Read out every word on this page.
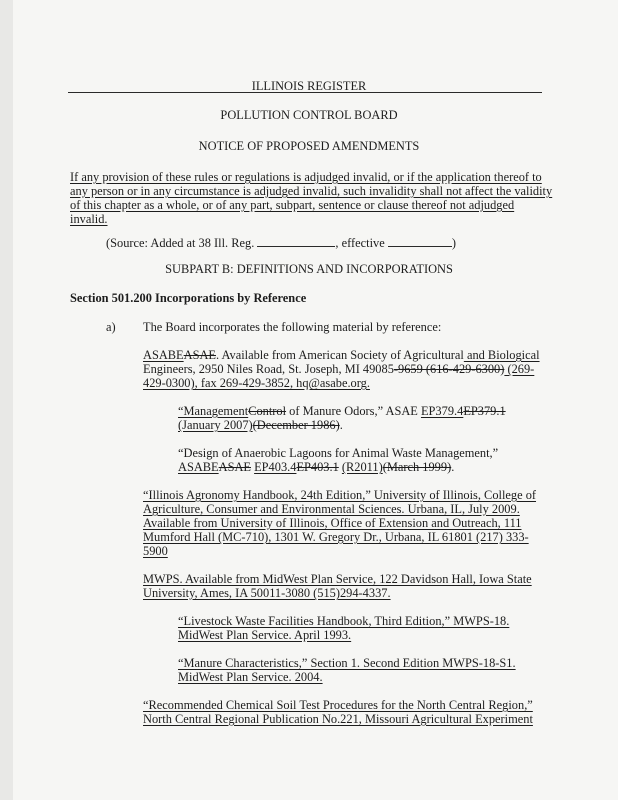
ILLINOIS REGISTER
POLLUTION CONTROL BOARD
NOTICE OF PROPOSED AMENDMENTS
If any provision of these rules or regulations is adjudged invalid, or if the application thereof to
any person or in any circumstance is adjudged invalid, such invalidity shall not affect the validity
of this chapter as a whole, or of any part, subpart, sentence or clause thereof not adjudged
invalid.
(Source: Added at 38 Ill. Reg.	, effective	)
SUBPART B: DEFINITIONS AND INCORPORATIONS
Section 501.200 Incorporations by Reference
a) The Board incorporates the following material by reference:
ASABEASAE. Available from American Society of Agricultural and Biological
Engineers, 2950 Niles Road, St. Joseph, MI 49085-9659 (616-429-6300) (269-
429-0300), fax 269-429-3852, hq@asabe.org.
“ManagementControl of Manure Odors,” ASAE EP379.4EP379.1
(January 2007)(December 1986).
“Design of Anaerobic Lagoons for Animal Waste Management,”
ASABEASAE EP403.4EP403.1 (R2011)(March 1999).
“Illinois Agronomy Handbook, 24th Edition,” University of Illinois, College of
Agriculture, Consumer and Environmental Sciences. Urbana, IL, July 2009.
Available from University of Illinois, Office of Extension and Outreach, 111
Mumford Hall (MC-710), 1301 W. Gregory Dr., Urbana, IL 61801 (217) 333-
5900
MWPS. Available from MidWest Plan Service, 122 Davidson Hall, Iowa State
University, Ames, IA 50011-3080 (515)294-4337.
“Livestock Waste Facilities Handbook, Third Edition,” MWPS-18.
MidWest Plan Service. April 1993.
“Manure Characteristics,” Section 1. Second Edition MWPS-18-S1.
MidWest Plan Service. 2004.
“Recommended Chemical Soil Test Procedures for the North Central Region,”
North Central Regional Publication No.221, Missouri Agricultural Experiment
